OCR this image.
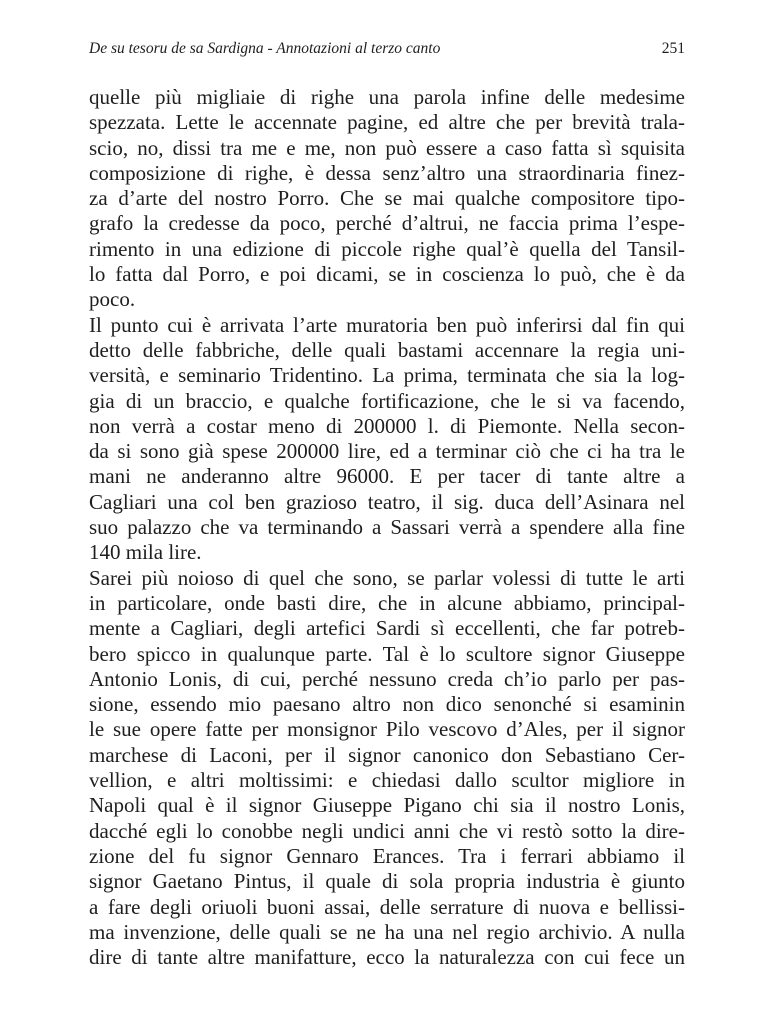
De su tesoru de sa Sardigna - Annotazioni al terzo canto	251
quelle più migliaie di righe una parola infine delle medesime
spezzata. Lette le accennate pagine, ed altre che per brevità trala-
scio, no, dissi tra me e me, non può essere a caso fatta sì squisita
composizione di righe, è dessa senz’altro una straordinaria finez-
za d’arte del nostro Porro. Che se mai qualche compositore tipo-
grafo la credesse da poco, perché d’altrui, ne faccia prima l’espe-
rimento in una edizione di piccole righe qual’è quella del Tansil-
lo fatta dal Porro, e poi dicami, se in coscienza lo può, che è da
poco.
Il punto cui è arrivata l’arte muratoria ben può inferirsi dal fin qui
detto delle fabbriche, delle quali bastami accennare la regia uni-
versità, e seminario Tridentino. La prima, terminata che sia la log-
gia di un braccio, e qualche fortificazione, che le si va facendo,
non verrà a costar meno di 200000 l. di Piemonte. Nella secon-
da si sono già spese 200000 lire, ed a terminar ciò che ci ha tra le
mani ne anderanno altre 96000. E per tacer di tante altre a
Cagliari una col ben grazioso teatro, il sig. duca dell’Asinara nel
suo palazzo che va terminando a Sassari verrà a spendere alla fine
140 mila lire.
Sarei più noioso di quel che sono, se parlar volessi di tutte le arti
in particolare, onde basti dire, che in alcune abbiamo, principal-
mente a Cagliari, degli artefici Sardi sì eccellenti, che far potreb-
bero spicco in qualunque parte. Tal è lo scultore signor Giuseppe
Antonio Lonis, di cui, perché nessuno creda ch’io parlo per pas-
sione, essendo mio paesano altro non dico senonché si esaminin
le sue opere fatte per monsignor Pilo vescovo d’Ales, per il signor
marchese di Laconi, per il signor canonico don Sebastiano Cer-
vellion, e altri moltissimi: e chiedasi dallo scultor migliore in
Napoli qual è il signor Giuseppe Pigano chi sia il nostro Lonis,
dacché egli lo conobbe negli undici anni che vi restò sotto la dire-
zione del fu signor Gennaro Erances. Tra i ferrari abbiamo il
signor Gaetano Pintus, il quale di sola propria industria è giunto
a fare degli oriuoli buoni assai, delle serrature di nuova e bellissi-
ma invenzione, delle quali se ne ha una nel regio archivio. A nulla
dire di tante altre manifatture, ecco la naturalezza con cui fece un
